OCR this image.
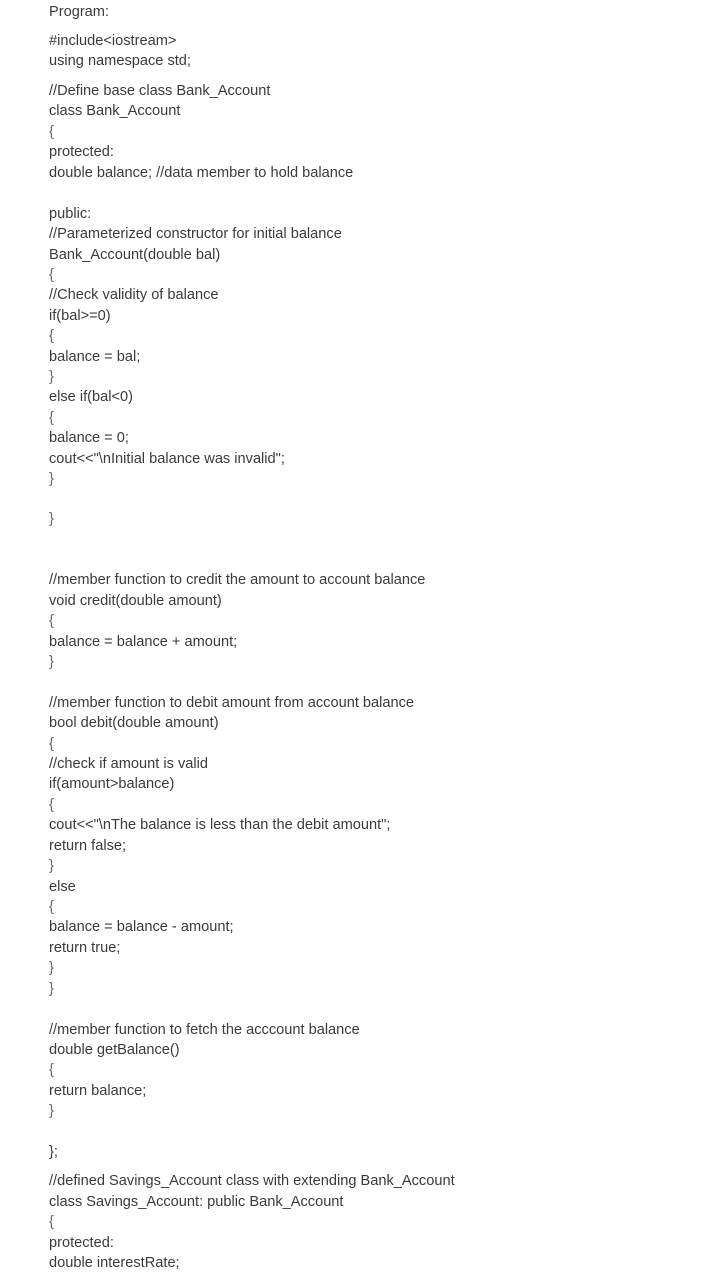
Program:

#include<iostream>

using namespace std;

//Define base class Bank_Account

class Bank_Account

{

protected:

double balance; //data member to hold balance

public:

//Parameterized constructor for initial balance

Bank_Account(double bal)

{

//Check validity of balance

if(bal>=0)

{

balance = bal;

}

else if(bal<0)

{

balance = 0;

cout<<"\nInitial balance was invalid";

}

}

//member function to credit the amount to account balance

void credit(double amount)

{

balance = balance + amount;

}

//member function to debit amount from account balance

bool debit(double amount)

{

//check if amount is valid

if(amount>balance)

{

cout<<"\nThe balance is less than the debit amount";

return false;

}

else

{

balance = balance - amount;

return true;

}

}

//member function to fetch the acccount balance

double getBalance()

{

return balance;

}

};

//defined Savings_Account class with extending Bank_Account

class Savings_Account: public Bank_Account

{

protected:

double interestRate;
